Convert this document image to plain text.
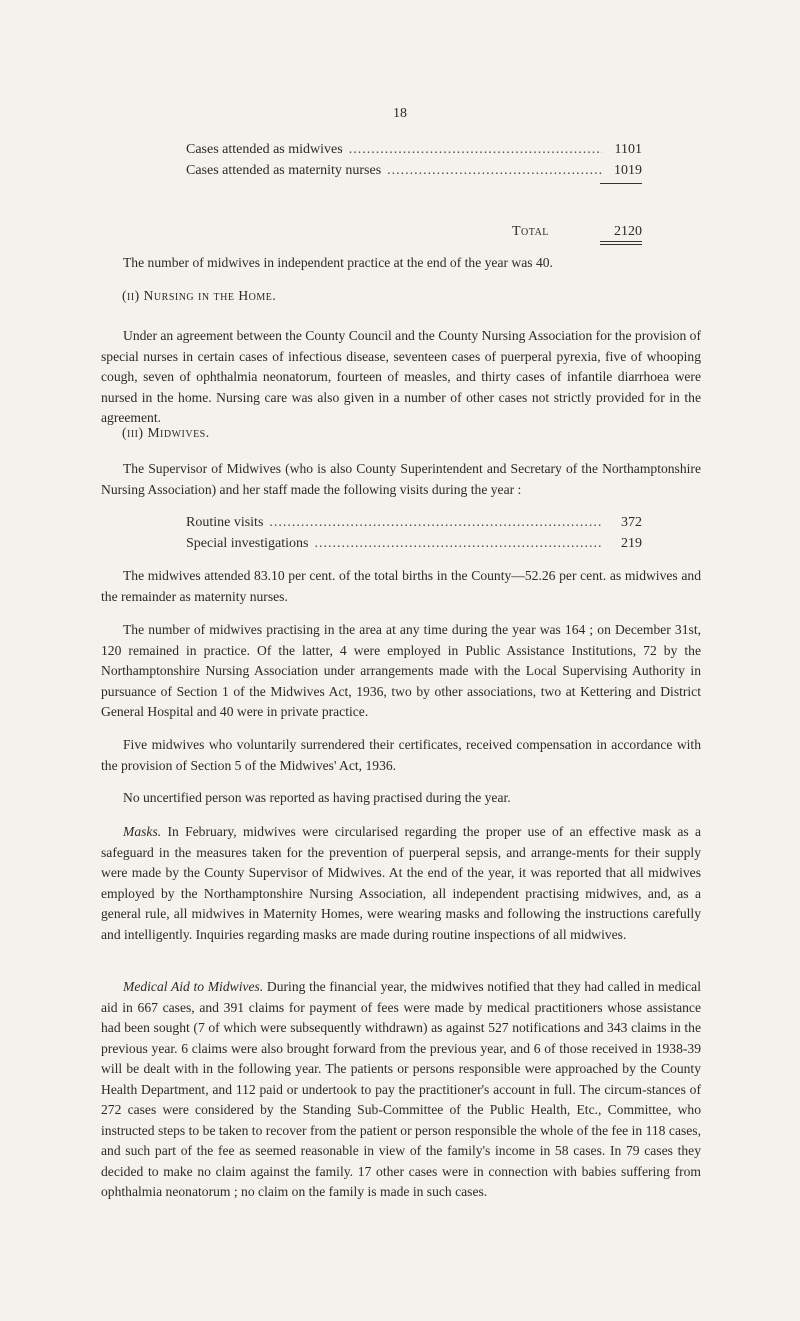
18
Cases attended as midwives .....	1101
Cases attended as maternity nurses .....	1019
Total	2120

The number of midwives in independent practice at the end of the year was 40.

(ii) Nursing in the Home.

Under an agreement between the County Council and the County Nursing Association for the provision of special nurses in certain cases of infectious disease, seventeen cases of puerperal pyrexia, five of whooping cough, seven of ophthalmia neonatorum, fourteen of measles, and thirty cases of infantile diarrhoea were nursed in the home. Nursing care was also given in a number of other cases not strictly provided for in the agreement.

(iii) Midwives.

The Supervisor of Midwives (who is also County Superintendent and Secretary of the Northamptonshire Nursing Association) and her staff made the following visits during the year :

Routine visits .....	372
Special investigations .....	219

The midwives attended 83.10 per cent. of the total births in the County—52.26 per cent. as midwives and the remainder as maternity nurses.

The number of midwives practising in the area at any time during the year was 164 ; on December 31st, 120 remained in practice. Of the latter, 4 were employed in Public Assistance Institutions, 72 by the Northamptonshire Nursing Association under arrangements made with the Local Supervising Authority in pursuance of Section 1 of the Midwives Act, 1936, two by other associations, two at Kettering and District General Hospital and 40 were in private practice.

Five midwives who voluntarily surrendered their certificates, received compensation in accordance with the provision of Section 5 of the Midwives' Act, 1936.

No uncertified person was reported as having practised during the year.

Masks. In February, midwives were circularised regarding the proper use of an effective mask as a safeguard in the measures taken for the prevention of puerperal sepsis, and arrange-ments for their supply were made by the County Supervisor of Midwives. At the end of the year, it was reported that all midwives employed by the Northamptonshire Nursing Association, all independent practising midwives, and, as a general rule, all midwives in Maternity Homes, were wearing masks and following the instructions carefully and intelligently. Inquiries regarding masks are made during routine inspections of all midwives.

Medical Aid to Midwives. During the financial year, the midwives notified that they had called in medical aid in 667 cases, and 391 claims for payment of fees were made by medical practitioners whose assistance had been sought (7 of which were subsequently withdrawn) as against 527 notifications and 343 claims in the previous year. 6 claims were also brought forward from the previous year, and 6 of those received in 1938-39 will be dealt with in the following year. The patients or persons responsible were approached by the County Health Department, and 112 paid or undertook to pay the practitioner's account in full. The circum-stances of 272 cases were considered by the Standing Sub-Committee of the Public Health, Etc., Committee, who instructed steps to be taken to recover from the patient or person responsible the whole of the fee in 118 cases, and such part of the fee as seemed reasonable in view of the family's income in 58 cases. In 79 cases they decided to make no claim against the family. 17 other cases were in connection with babies suffering from ophthalmia neonatorum ; no claim on the family is made in such cases.
